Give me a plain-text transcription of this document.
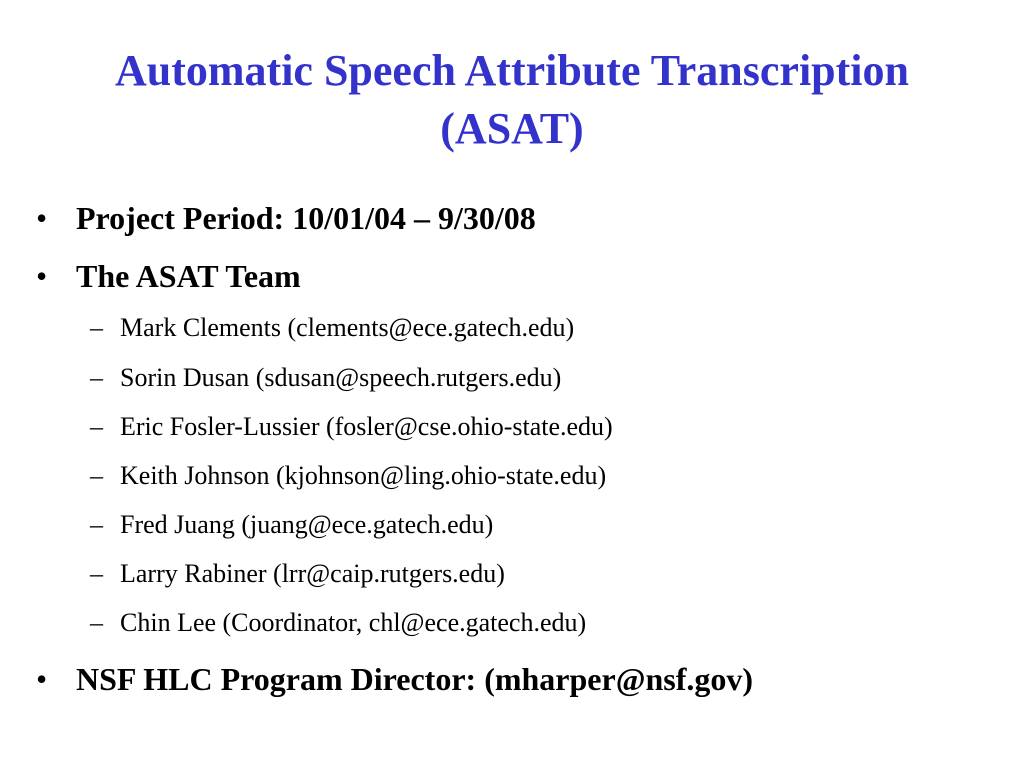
Automatic Speech Attribute Transcription
(ASAT)
• Project Period: 10/01/04 – 9/30/08
• The ASAT Team
– Mark Clements (clements@ece.gatech.edu)
– Sorin Dusan (sdusan@speech.rutgers.edu)
– Eric Fosler-Lussier (fosler@cse.ohio-state.edu)
– Keith Johnson (kjohnson@ling.ohio-state.edu)
– Fred Juang (juang@ece.gatech.edu)
– Larry Rabiner (lrr@caip.rutgers.edu)
– Chin Lee (Coordinator, chl@ece.gatech.edu)
• NSF HLC Program Director: (mharper@nsf.gov)
